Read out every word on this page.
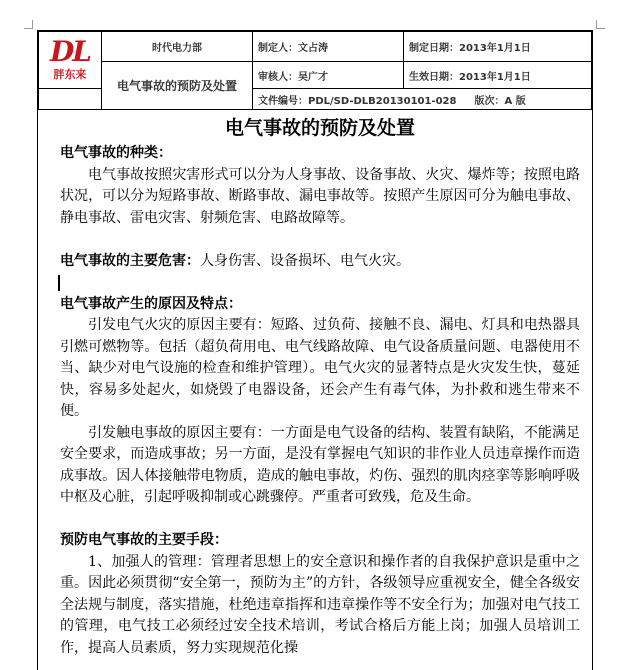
DL
胖东来	时代电力部	制定人：文占涛	制定日期：2013年1月1日
	电气事故的预防及处置	审核人：吴广才	生效日期：2013年1月1日
		文件编号：PDL/SD-DLB20130101-028 版次：A 版	
电气事故的预防及处置
电气事故的种类：

电气事故按照灾害形式可以分为人身事故、设备事故、火灾、爆炸等；按照电路状况，可以分为短路事故、断路事故、漏电事故等。按照产生原因可分为触电事故、静电事故、雷电灾害、射频危害、电路故障等。

电气事故的主要危害：人身伤害、设备损坏、电气火灾。
电气事故产生的原因及特点：

引发电气火灾的原因主要有：短路、过负荷、接触不良、漏电、灯具和电热器具引燃可燃物等。包括（超负荷用电、电气线路故障、电气设备质量问题、电器使用不当、缺少对电气设施的检查和维护管理）。电气火灾的显著特点是火灾发生快，蔓延快，容易多处起火，如烧毁了电器设备，还会产生有毒气体，为扑救和逃生带来不便。

引发触电事故的原因主要有：一方面是电气设备的结构、装置有缺陷，不能满足安全要求，而造成事故；另一方面，是没有掌握电气知识的非作业人员违章操作而造成事故。因人体接触带电物质，造成的触电事故，灼伤、强烈的肌肉痉挛等影响呼吸中枢及心脏，引起呼吸抑制或心跳骤停。严重者可致残，危及生命。

预防电气事故的主要手段：

1、加强人的管理：管理者思想上的安全意识和操作者的自我保护意识是重中之重。因此必须贯彻“安全第一，预防为主”的方针，各级领导应重视安全，健全各级安全法规与制度，落实措施，杜绝违章指挥和违章操作等不安全行为；加强对电气技工的管理，电气技工必须经过安全技术培训，考试合格后方能上岗；加强人员培训工作，提高人员素质，努力实现规范化操
